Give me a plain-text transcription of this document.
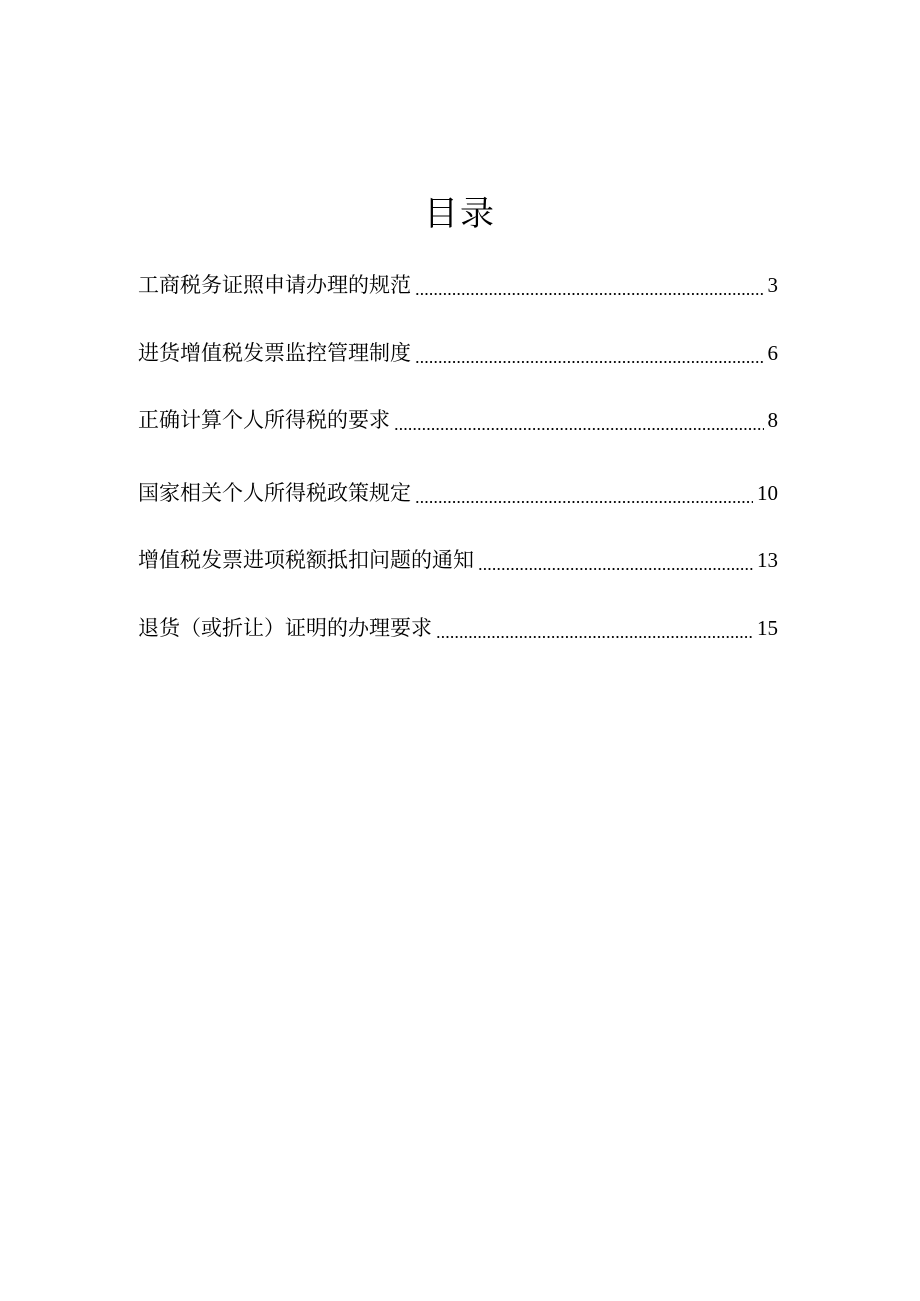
目录
工商税务证照申请办理的规范	3
进货增值税发票监控管理制度	6
正确计算个人所得税的要求	8
国家相关个人所得税政策规定	10
增值税发票进项税额抵扣问题的通知	13
退货（或折让）证明的办理要求	15
